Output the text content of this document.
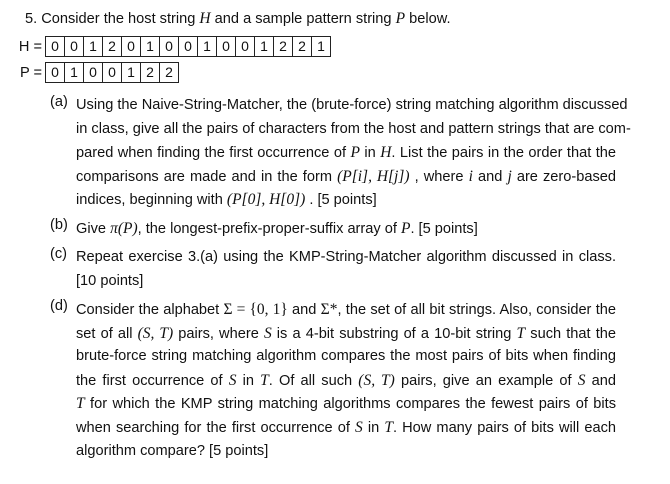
5. Consider the host string H and a sample pattern string P below.
H = 0 0 1 2 0 1 0 0 1 0 0 1 2 2 1
P = 0 1 0 0 1 2 2
(a) Using the Naive-String-Matcher, the (brute-force) string matching algorithm discussed
in class, give all the pairs of characters from the host and pattern strings that are com-
pared when finding the first occurrence of P in H. List the pairs in the order that the
comparisons are made and in the form (P[i], H[j]) , where i and j are zero-based
indices, beginning with (P[0], H[0]) . [5 points]
(b) Give π(P), the longest-prefix-proper-suffix array of P. [5 points]
(c) Repeat exercise 3.(a) using the KMP-String-Matcher algorithm discussed in class.
[10 points]
(d) Consider the alphabet Σ = {0, 1} and Σ*, the set of all bit strings. Also, consider the
set of all (S, T) pairs, where S is a 4-bit substring of a 10-bit string T such that the
brute-force string matching algorithm compares the most pairs of bits when finding
the first occurrence of S in T. Of all such (S, T) pairs, give an example of S and
T for which the KMP string matching algorithms compares the fewest pairs of bits
when searching for the first occurrence of S in T. How many pairs of bits will each
algorithm compare? [5 points]
